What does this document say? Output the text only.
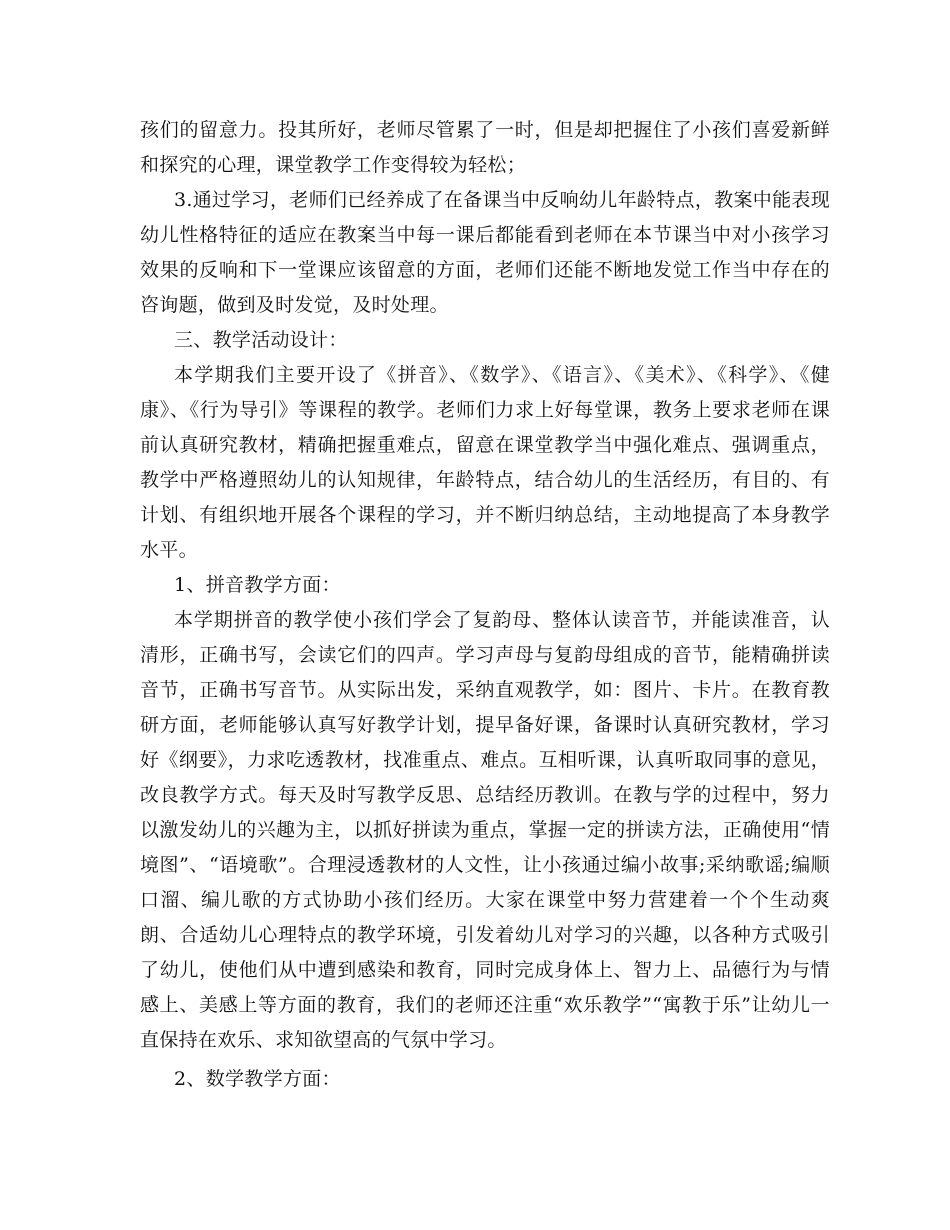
孩们的留意力。投其所好，老师尽管累了一时，但是却把握住了小孩们喜爱新鲜和探究的心理，课堂教学工作变得较为轻松；

3.通过学习，老师们已经养成了在备课当中反响幼儿年龄特点，教案中能表现幼儿性格特征的适应在教案当中每一课后都能看到老师在本节课当中对小孩学习效果的反响和下一堂课应该留意的方面，老师们还能不断地发觉工作当中存在的咨询题，做到及时发觉，及时处理。

三、教学活动设计：

本学期我们主要开设了《拼音》、《数学》、《语言》、《美术》、《科学》、《健康》、《行为导引》等课程的教学。老师们力求上好每堂课，教务上要求老师在课前认真研究教材，精确把握重难点，留意在课堂教学当中强化难点、强调重点，教学中严格遵照幼儿的认知规律，年龄特点，结合幼儿的生活经历，有目的、有计划、有组织地开展各个课程的学习，并不断归纳总结，主动地提高了本身教学水平。

1、拼音教学方面：

本学期拼音的教学使小孩们学会了复韵母、整体认读音节，并能读准音，认清形，正确书写，会读它们的四声。学习声母与复韵母组成的音节，能精确拼读音节，正确书写音节。从实际出发，采纳直观教学，如：图片、卡片。在教育教研方面，老师能够认真写好教学计划，提早备好课，备课时认真研究教材，学习好《纲要》，力求吃透教材，找准重点、难点。互相听课，认真听取同事的意见，改良教学方式。每天及时写教学反思、总结经历教训。在教与学的过程中，努力以激发幼儿的兴趣为主，以抓好拼读为重点，掌握一定的拼读方法，正确使用“情境图”、“语境歌”。合理浸透教材的人文性，让小孩通过编小故事;采纳歌谣;编顺口溜、编儿歌的方式协助小孩们经历。大家在课堂中努力营建着一个个生动爽朗、合适幼儿心理特点的教学环境，引发着幼儿对学习的兴趣，以各种方式吸引了幼儿，使他们从中遭到感染和教育，同时完成身体上、智力上、品德行为与情感上、美感上等方面的教育，我们的老师还注重“欢乐教学”“寓教于乐”让幼儿一直保持在欢乐、求知欲望高的气氛中学习。

2、数学教学方面：
